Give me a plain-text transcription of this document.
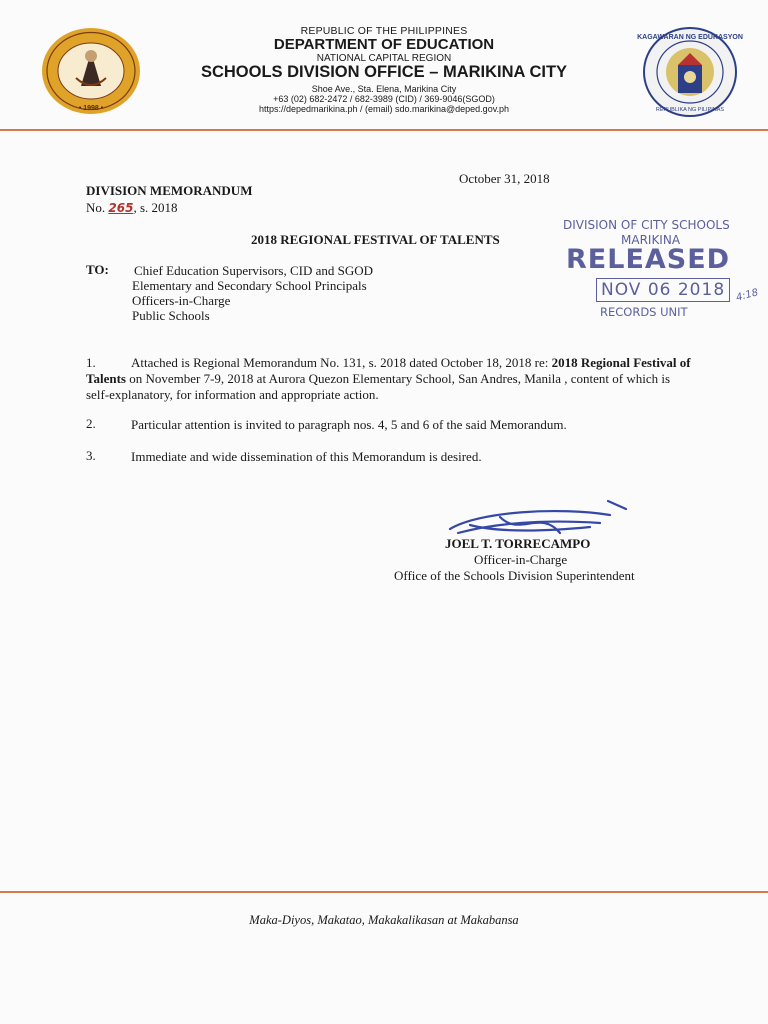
• 1998 •
KAGAWARAN NG EDUKASYON
REPUBLIKA NG PILIPINAS
REPUBLIC OF THE PHILIPPINES
DEPARTMENT OF EDUCATION
NATIONAL CAPITAL REGION
SCHOOLS DIVISION OFFICE – MARIKINA CITY
Shoe Ave., Sta. Elena, Marikina City
+63 (02) 682-2472 / 682-3989 (CID) / 369-9046(SGOD)
https://depedmarikina.ph / (email) sdo.marikina@deped.gov.ph
October 31, 2018
DIVISION MEMORANDUM
No. 265, s. 2018
2018 REGIONAL FESTIVAL OF TALENTS
TO: Chief Education Supervisors, CID and SGOD
Elementary and Secondary School Principals
Officers-in-Charge
Public Schools
1.	Attached is Regional Memorandum No. 131, s. 2018 dated October 18, 2018 re: 2018 Regional Festival of Talents on November 7-9, 2018 at Aurora Quezon Elementary School, San Andres, Manila , content of which is self-explanatory, for information and appropriate action.
2.	Particular attention is invited to paragraph nos. 4, 5 and 6 of the said Memorandum.
3.	Immediate and wide dissemination of this Memorandum is desired.
DIVISION OF CITY SCHOOLS
MARIKINA
RELEASED
NOV 06 2018
RECORDS UNIT
4:18
JOEL T. TORRECAMPO
Officer-in-Charge
Office of the Schools Division Superintendent
Maka-Diyos, Makatao, Makakalikasan at Makabansa
